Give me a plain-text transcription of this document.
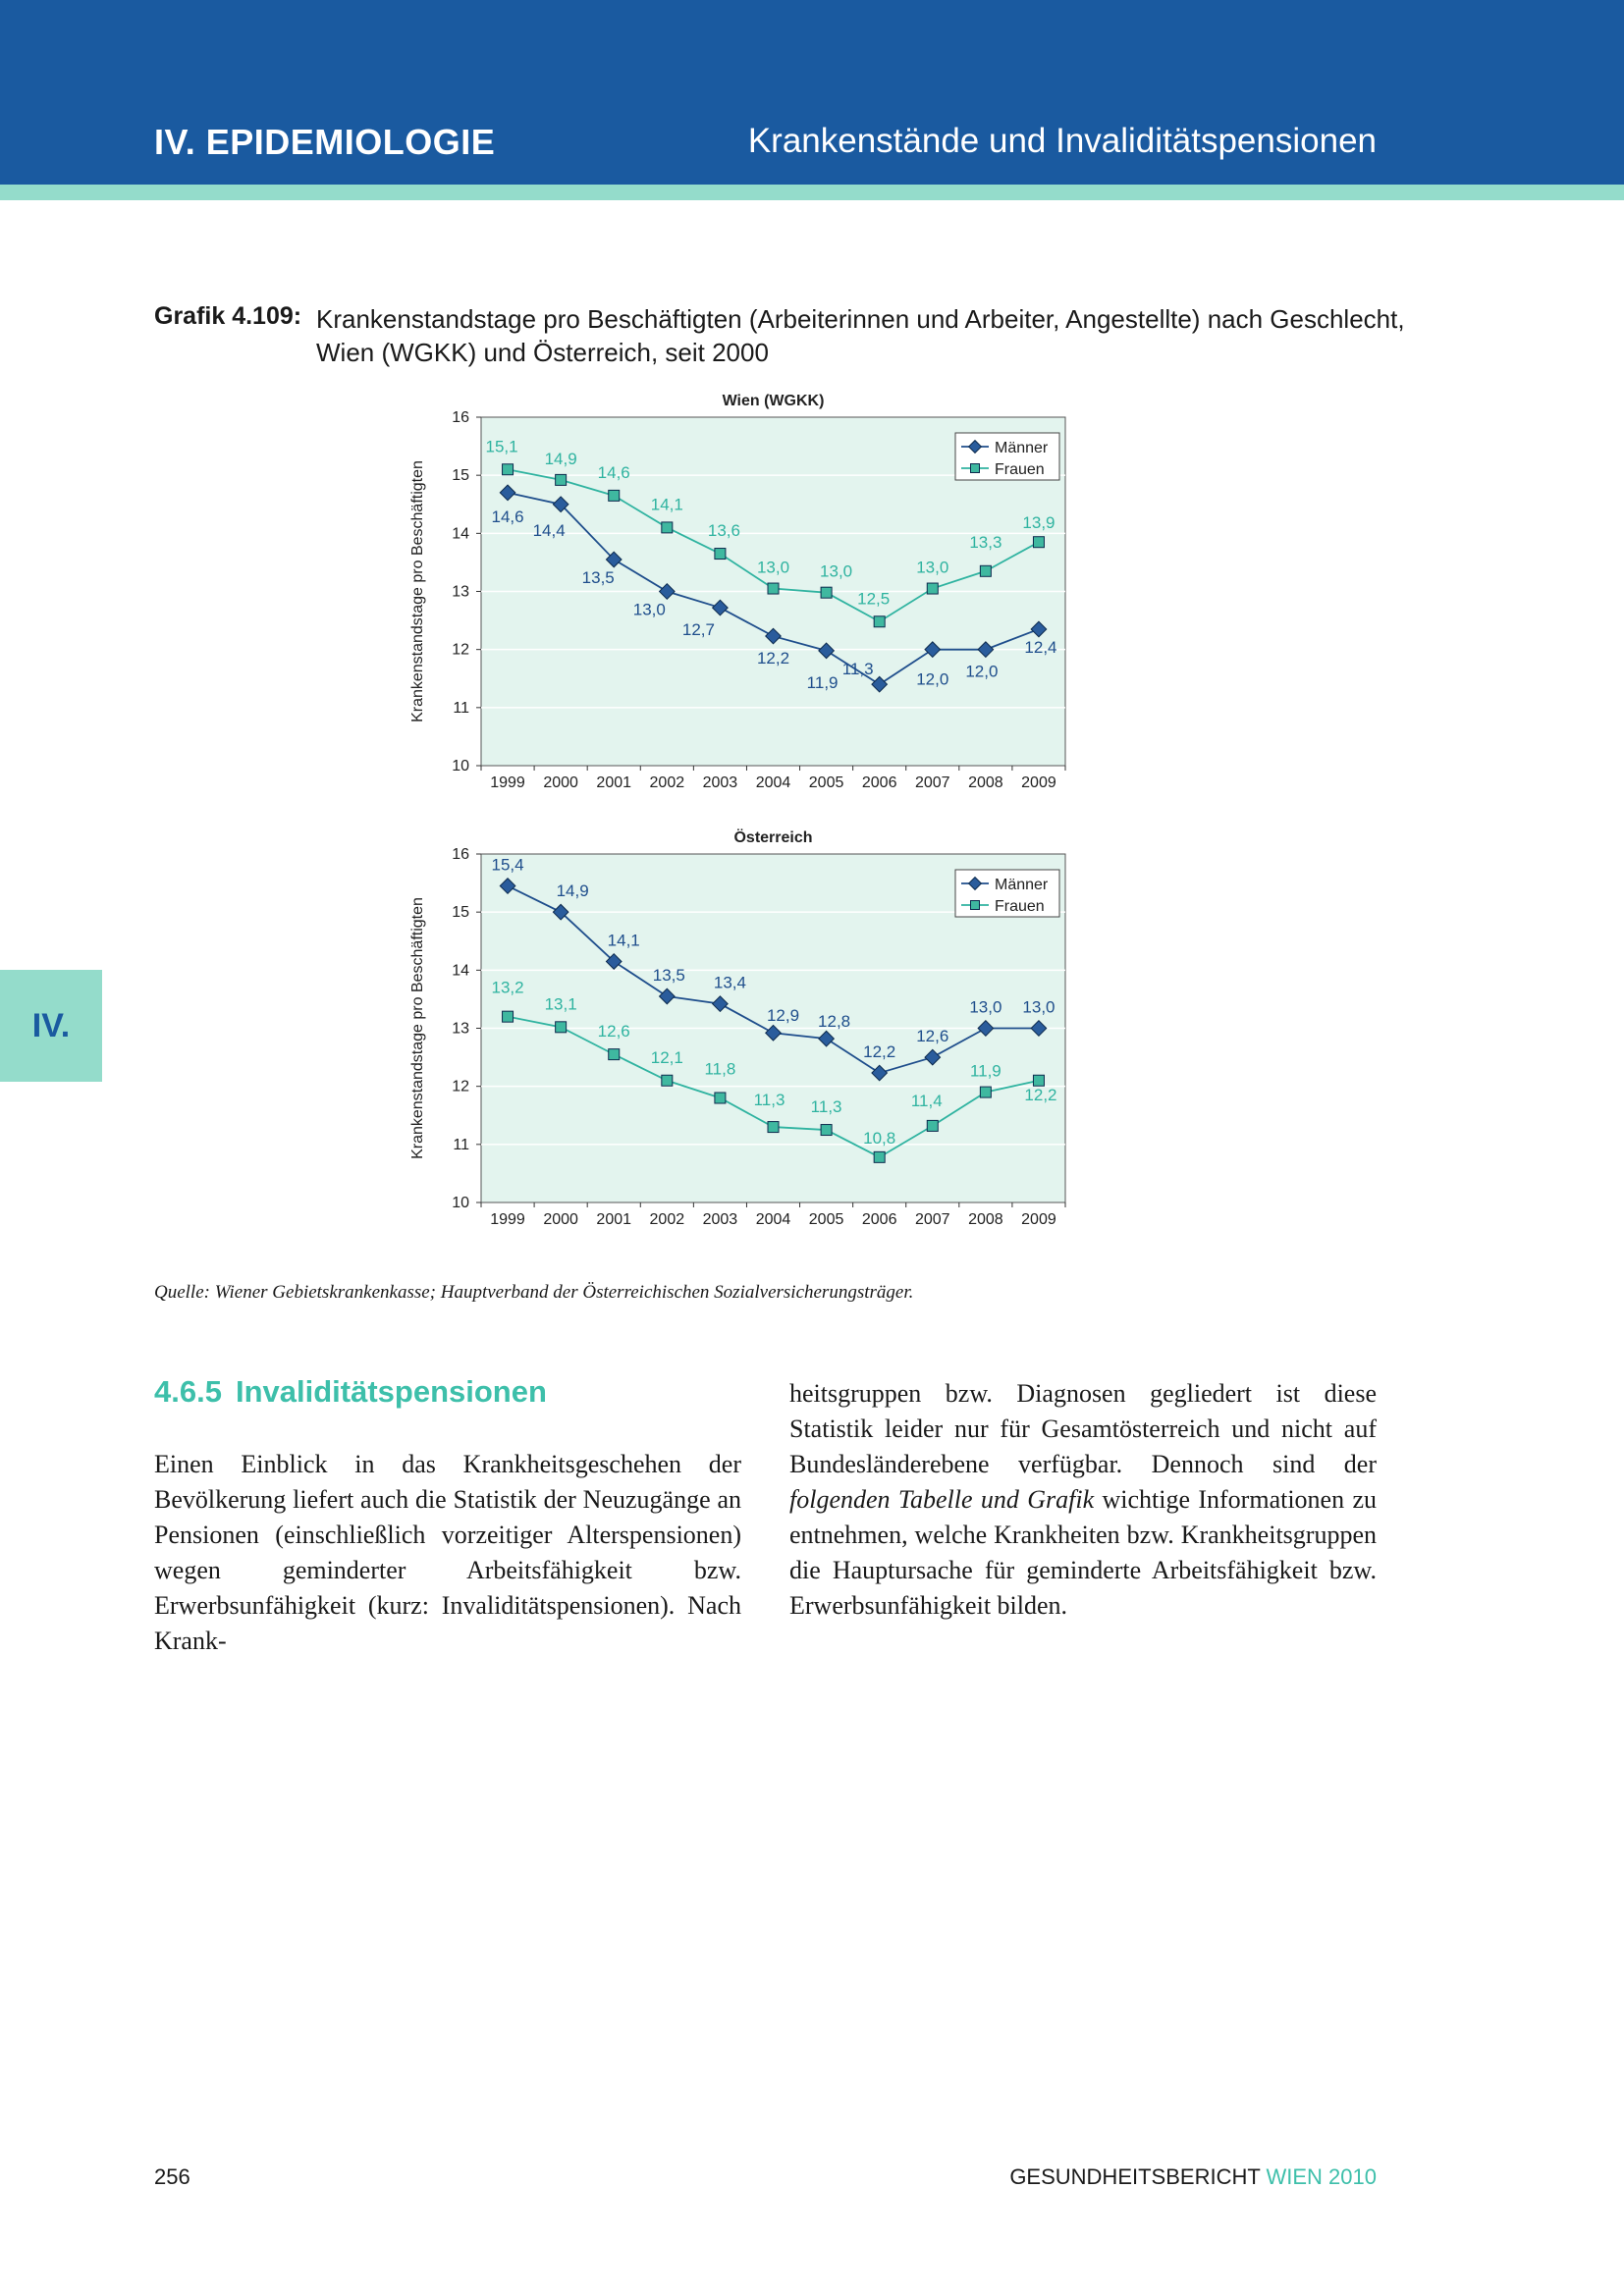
IV. EPIDEMIOLOGIE	Krankenstände und Invaliditätspensionen
IV.
Grafik 4.109: Krankenstandstage pro Beschäftigten (Arbeiterinnen und Arbeiter, Angestellte) nach Geschlecht, Wien (WGKK) und Österreich, seit 2000
10
11
12
13
14
15
16
1999 2000 2001 2002 2003 2004 2005 2006 2007 2008 2009
Wien (WGKK)
Krankenstandstage pro Beschäftigten	14,6
14,4
13,5
13,0
12,7
12,2
11,9
11,3
12,0 12,0
12,4
15,1
14,9
14,6
14,1
13,6
13,0 13,0
12,5
13,0
13,3
13,9
Männer
Frauen
10
11
12
13
14
15
16
1999 2000 2001 2002 2003 2004 2005 2006 2007 2008 2009
Österreich
Krankenstandstage pro Beschäftigten
15,4
14,9
14,1
13,5 13,4
12,9 12,8
12,2
12,6
13,0 13,0
13,2
13,1
12,6
12,1
11,8
11,3 11,3
10,8
11,4
11,9
12,2
Männer
Frauen
Quelle: Wiener Gebietskrankenkasse; Hauptverband der Österreichischen Sozialversicherungsträger.
4.6.5 Invaliditätspensionen
Einen Einblick in das Krankheitsgeschehen der Bevölkerung liefert auch die Statistik der Neuzugänge an Pensionen (einschließlich vorzeitiger Alterspensionen) wegen geminderter Arbeitsfähigkeit bzw. Erwerbsunfähigkeit (kurz: Invaliditätspensionen). Nach Krank-
heitsgruppen bzw. Diagnosen gegliedert ist diese Statistik leider nur für Gesamtösterreich und nicht auf Bundesländerebene verfügbar. Dennoch sind der folgenden Tabelle und Grafik wichtige Informationen zu entnehmen, welche Krankheiten bzw. Krankheitsgruppen die Hauptursache für geminderte Arbeitsfähigkeit bzw. Erwerbsunfähigkeit bilden.
256	GESUNDHEITSBERICHT WIEN 2010
